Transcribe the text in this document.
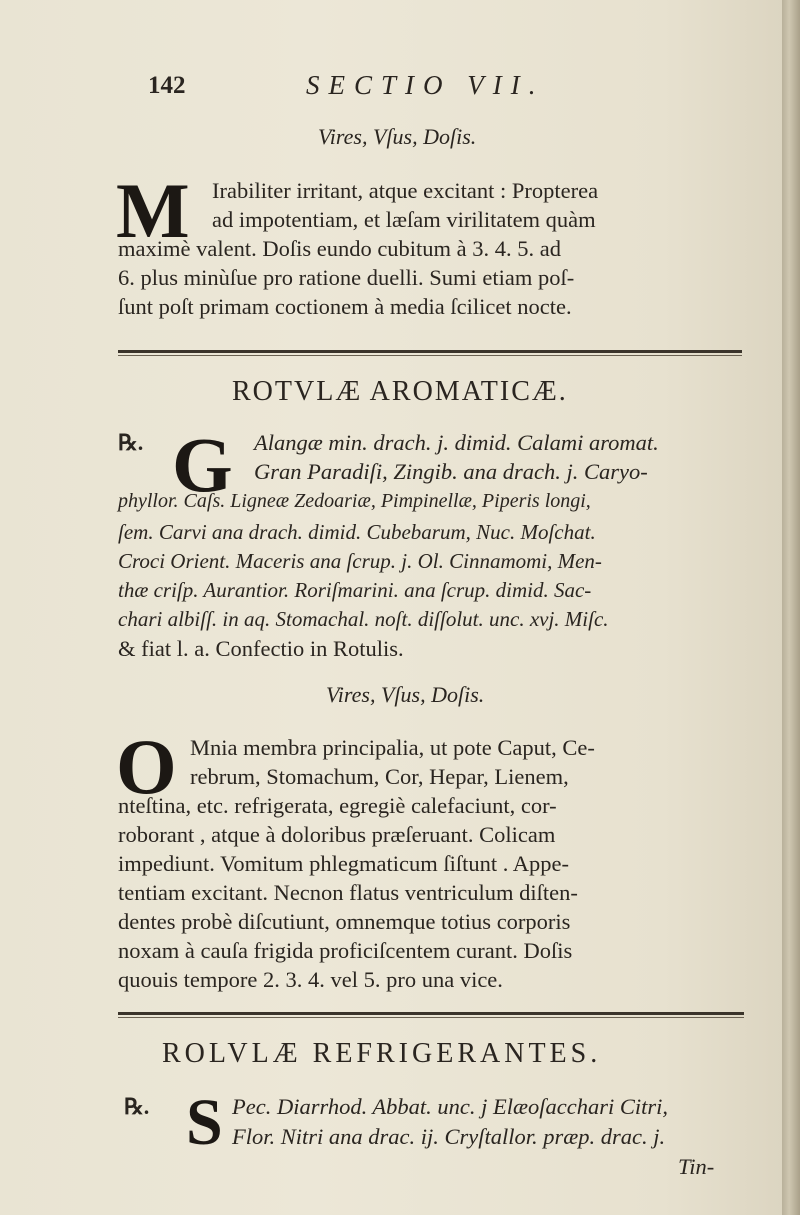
142	SECTIO VII.
Vires, Vſus, Doſis.
M Irabiliter irritant, atque excitant : Propterea
ad impotentiam, et læſam virilitatem quàm
maximè valent. Doſis eundo cubitum à 3. 4. 5. ad
6. plus minùſue pro ratione duelli. Sumi etiam poſ-
ſunt poſt primam coctionem à media ſcilicet nocte.
ROTVLÆ AROMATICÆ.
℞. G Alangæ min. drach. j. dimid. Calami aromat.
Gran Paradiſi, Zingib. ana drach. j. Caryo-
phyllor. Caſs. Ligneæ Zedoariæ, Pimpinellæ, Piperis longi,
ſem. Carvi ana drach. dimid. Cubebarum, Nuc. Moſchat.
Croci Orient. Maceris ana ſcrup. j. Ol. Cinnamomi, Men-
thæ criſp. Aurantior. Roriſmarini. ana ſcrup. dimid. Sac-
chari albiſſ. in aq. Stomachal. noſt. diſſolut. unc. xvj. Miſc.
& fiat l. a. Confectio in Rotulis.
Vires, Vſus, Doſis.
O Mnia membra principalia, ut pote Caput, Ce-
rebrum, Stomachum, Cor, Hepar, Lienem,
nteſtina, etc. refrigerata, egregiè calefaciunt, cor-
roborant , atque à doloribus præſeruant. Colicam
impediunt. Vomitum phlegmaticum ſiſtunt . Appe-
tentiam excitant. Necnon flatus ventriculum diſten-
dentes probè diſcutiunt, omnemque totius corporis
noxam à cauſa frigida proficiſcentem curant. Doſis
quouis tempore 2. 3. 4. vel 5. pro una vice.
ROLVLÆ REFRIGERANTES.
℞. S Pec. Diarrhod. Abbat. unc. j Elæoſacchari Citri,
Flor. Nitri ana drac. ij. Cryſtallor. præp. drac. j.
Tin-
